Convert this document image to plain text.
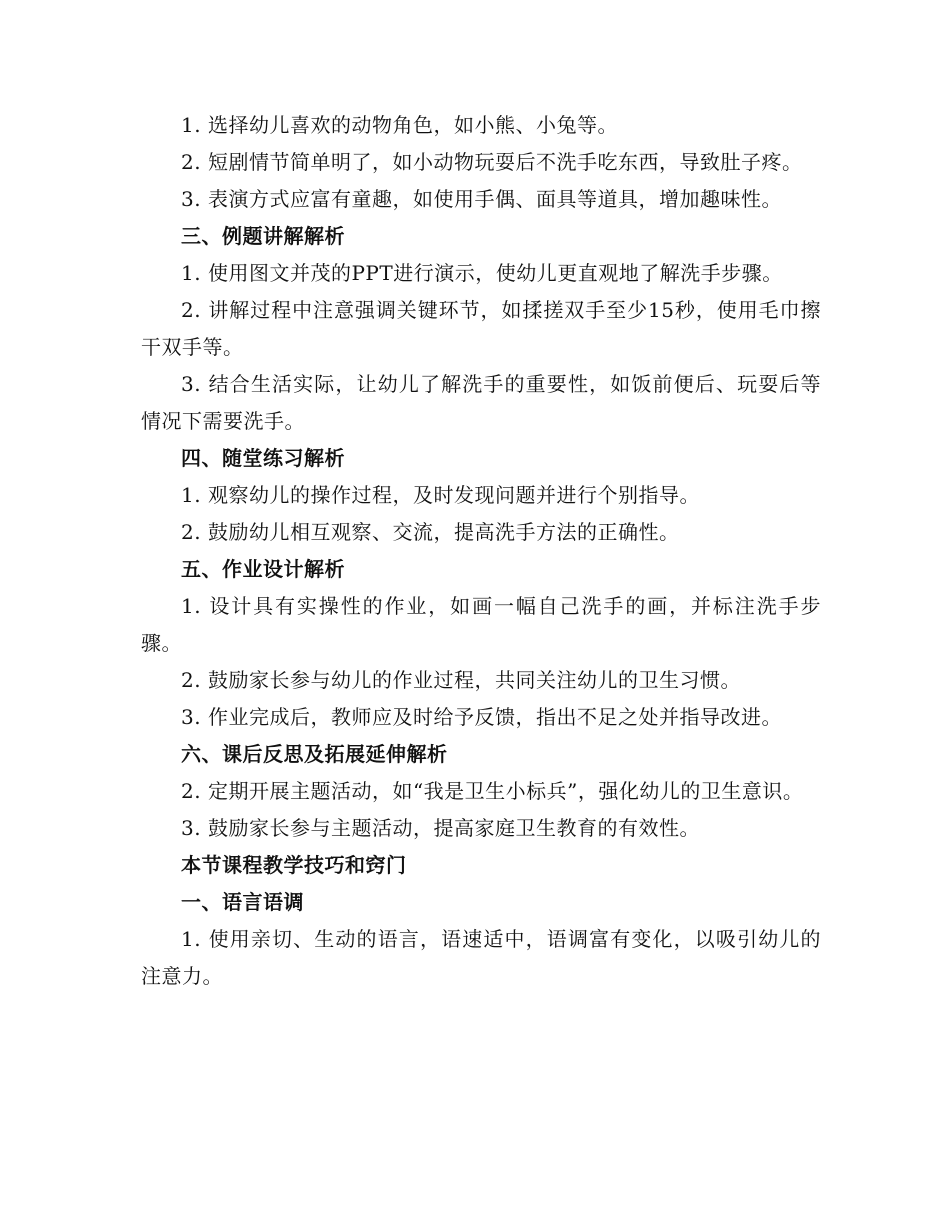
1. 选择幼儿喜欢的动物角色，如小熊、小兔等。

2. 短剧情节简单明了，如小动物玩耍后不洗手吃东西，导致肚子疼。

3. 表演方式应富有童趣，如使用手偶、面具等道具，增加趣味性。

三、例题讲解解析

1. 使用图文并茂的PPT进行演示，使幼儿更直观地了解洗手步骤。

2. 讲解过程中注意强调关键环节，如揉搓双手至少15秒，使用毛巾擦干双手等。

3. 结合生活实际，让幼儿了解洗手的重要性，如饭前便后、玩耍后等情况下需要洗手。

四、随堂练习解析

1. 观察幼儿的操作过程，及时发现问题并进行个别指导。

2. 鼓励幼儿相互观察、交流，提高洗手方法的正确性。

五、作业设计解析

1. 设计具有实操性的作业，如画一幅自己洗手的画，并标注洗手步骤。

2. 鼓励家长参与幼儿的作业过程，共同关注幼儿的卫生习惯。

3. 作业完成后，教师应及时给予反馈，指出不足之处并指导改进。

六、课后反思及拓展延伸解析

2. 定期开展主题活动，如“我是卫生小标兵”，强化幼儿的卫生意识。

3. 鼓励家长参与主题活动，提高家庭卫生教育的有效性。

本节课程教学技巧和窍门

一、语言语调

1. 使用亲切、生动的语言，语速适中，语调富有变化，以吸引幼儿的注意力。
